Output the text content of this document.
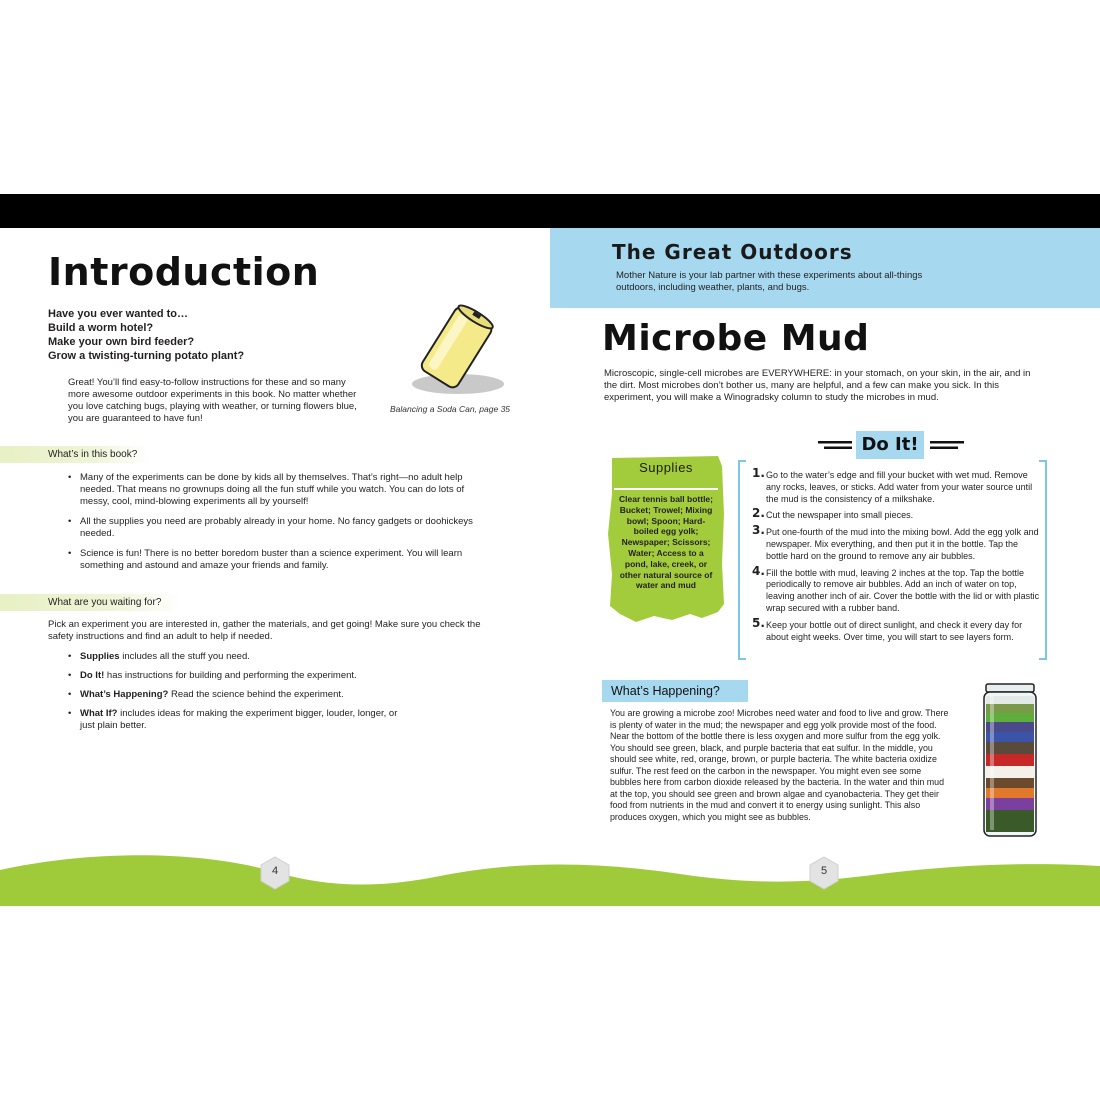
Introduction
Have you ever wanted to…
Build a worm hotel?
Make your own bird feeder?
Grow a twisting-turning potato plant?
Balancing a Soda Can, page 35

Great! You’ll find easy-to-follow instructions for these and so many more awesome outdoor experiments in this book. No matter whether you love catching bugs, playing with weather, or turning flowers blue, you are guaranteed to have fun!

What’s in this book?
• Many of the experiments can be done by kids all by themselves. That’s right—no adult help needed. That means no grownups doing all the fun stuff while you watch. You can do lots of messy, cool, mind-blowing experiments all by yourself!
• All the supplies you need are probably already in your home. No fancy gadgets or doohickeys needed.
• Science is fun! There is no better boredom buster than a science experiment. You will learn something and astound and amaze your friends and family.
What are you waiting for?

Pick an experiment you are interested in, gather the materials, and get going! Make sure you check the safety instructions and find an adult to help if needed.

• Supplies includes all the stuff you need.
• Do It! has instructions for building and performing the experiment.
• What’s Happening? Read the science behind the experiment.
• What If? includes ideas for making the experiment bigger, louder, longer, or just plain better.
The Great Outdoors

Mother Nature is your lab partner with these experiments about all-things outdoors, including weather, plants, and bugs.

Microbe Mud

Microscopic, single-cell microbes are EVERYWHERE: in your stomach, on your skin, in the air, and in the dirt. Most microbes don’t bother us, many are helpful, and a few can make you sick. In this experiment, you will make a Winogradsky column to study the microbes in mud.

Supplies
Clear tennis ball bottle; Bucket; Trowel; Mixing bowl; Spoon; Hard-boiled egg yolk; Newspaper; Scissors; Water; Access to a pond, lake, creek, or other natural source of water and mud
Do It!
1. Go to the water’s edge and fill your bucket with wet mud. Remove any rocks, leaves, or sticks. Add water from your water source until the mud is the consistency of a milkshake.
2. Cut the newspaper into small pieces.
3. Put one-fourth of the mud into the mixing bowl. Add the egg yolk and newspaper. Mix everything, and then put it in the bottle. Tap the bottle hard on the ground to remove any air bubbles.
4. Fill the bottle with mud, leaving 2 inches at the top. Tap the bottle periodically to remove air bubbles. Add an inch of water on top, leaving another inch of air. Cover the bottle with the lid or with plastic wrap secured with a rubber band.
5. Keep your bottle out of direct sunlight, and check it every day for about eight weeks. Over time, you will start to see layers form.
What’s Happening?

You are growing a microbe zoo! Microbes need water and food to live and grow. There is plenty of water in the mud; the newspaper and egg yolk provide most of the food. Near the bottom of the bottle there is less oxygen and more sulfur from the egg yolk. You should see green, black, and purple bacteria that eat sulfur. In the middle, you should see white, red, orange, brown, or purple bacteria. The white bacteria oxidize sulfur. The rest feed on the carbon in the newspaper. You might even see some bubbles here from carbon dioxide released by the bacteria. In the water and thin mud at the top, you should see green and brown algae and cyanobacteria. They get their food from nutrients in the mud and convert it to energy using sunlight. This also produces oxygen, which you might see as bubbles.

4	5
